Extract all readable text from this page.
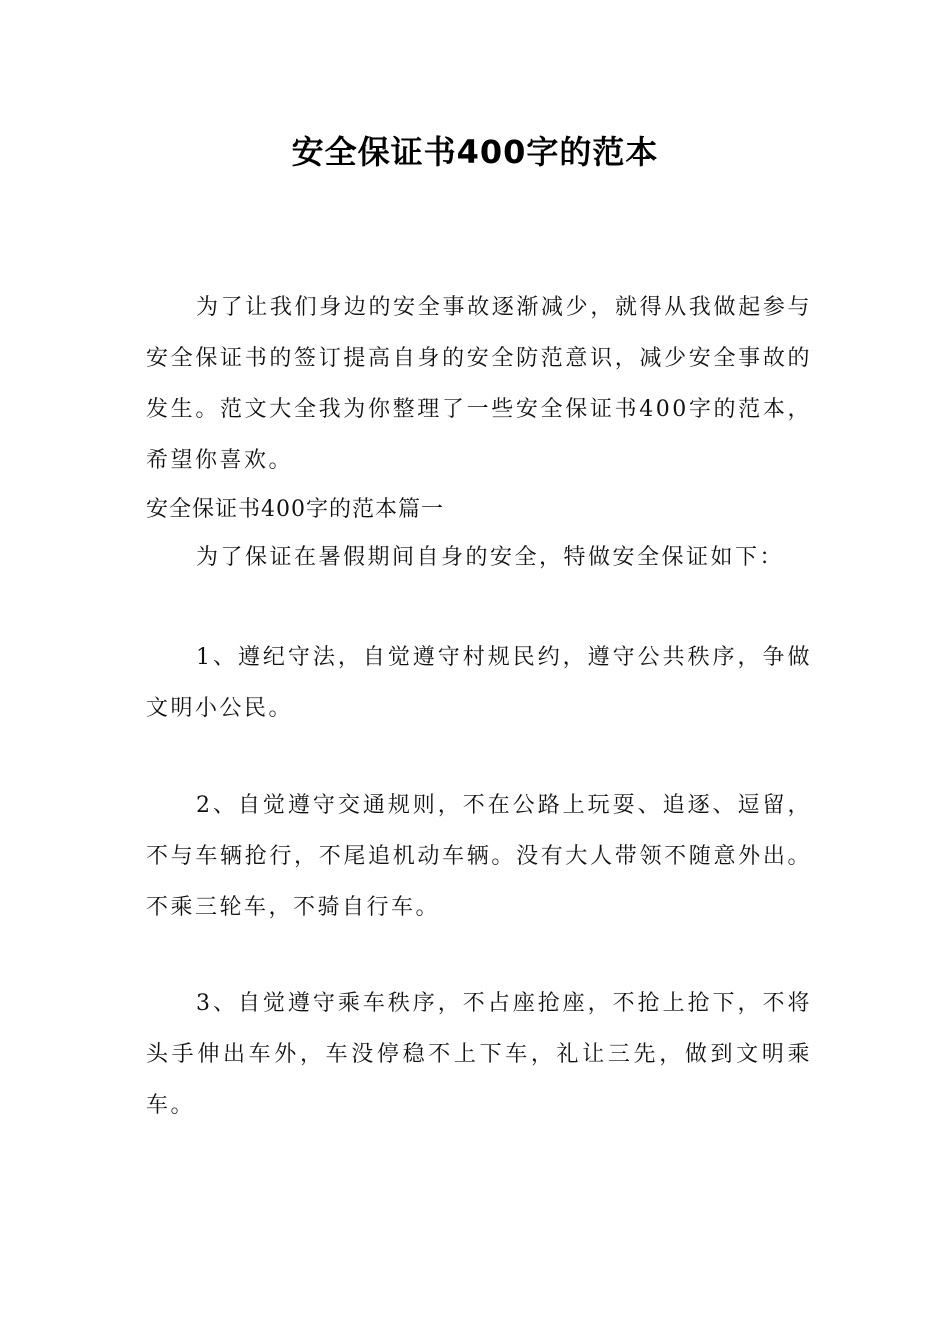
安全保证书400字的范本

为了让我们身边的安全事故逐渐减少，就得从我做起参与安全保证书的签订提高自身的安全防范意识，减少安全事故的发生。范文大全我为你整理了一些安全保证书400字的范本，希望你喜欢。

安全保证书400字的范本篇一

为了保证在暑假期间自身的安全，特做安全保证如下：

1、遵纪守法，自觉遵守村规民约，遵守公共秩序，争做文明小公民。

2、自觉遵守交通规则，不在公路上玩耍、追逐、逗留，不与车辆抢行，不尾追机动车辆。没有大人带领不随意外出。不乘三轮车，不骑自行车。

3、自觉遵守乘车秩序，不占座抢座，不抢上抢下，不将头手伸出车外，车没停稳不上下车，礼让三先，做到文明乘车。
